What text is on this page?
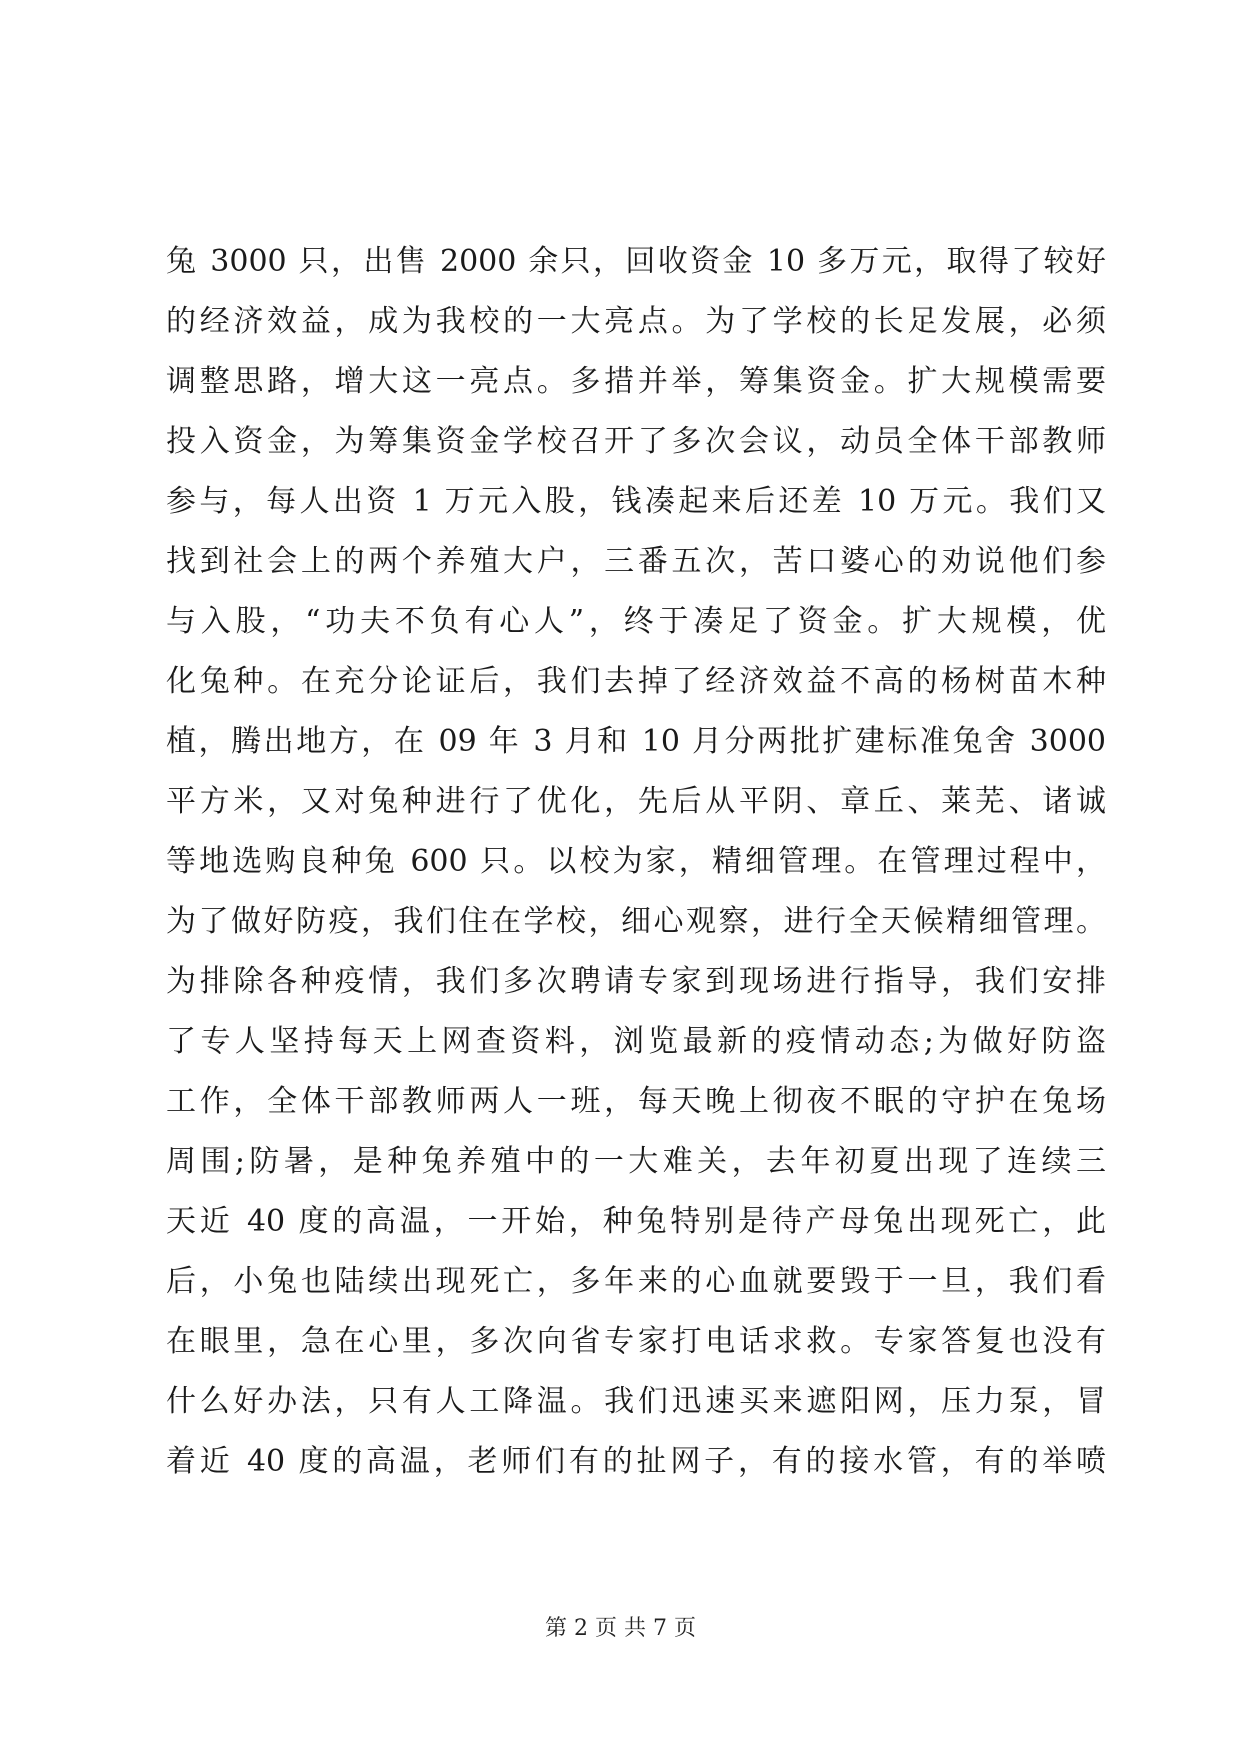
兔 3000 只，出售 2000 余只，回收资金 10 多万元，取得了较好
的经济效益，成为我校的一大亮点。为了学校的长足发展，必须
调整思路，增大这一亮点。多措并举，筹集资金。扩大规模需要
投入资金，为筹集资金学校召开了多次会议，动员全体干部教师
参与，每人出资 1 万元入股，钱凑起来后还差 10 万元。我们又
找到社会上的两个养殖大户，三番五次，苦口婆心的劝说他们参
与入股，“功夫不负有心人”，终于凑足了资金。扩大规模，优
化兔种。在充分论证后，我们去掉了经济效益不高的杨树苗木种
植，腾出地方，在 09 年 3 月和 10 月分两批扩建标准兔舍 3000
平方米，又对兔种进行了优化，先后从平阴、章丘、莱芜、诸诚
等地选购良种兔 600 只。以校为家，精细管理。在管理过程中，
为了做好防疫，我们住在学校，细心观察，进行全天候精细管理。
为排除各种疫情，我们多次聘请专家到现场进行指导，我们安排
了专人坚持每天上网查资料，浏览最新的疫情动态;为做好防盗
工作，全体干部教师两人一班，每天晚上彻夜不眠的守护在兔场
周围;防暑，是种兔养殖中的一大难关，去年初夏出现了连续三
天近 40 度的高温，一开始，种兔特别是待产母兔出现死亡，此
后，小兔也陆续出现死亡，多年来的心血就要毁于一旦，我们看
在眼里，急在心里，多次向省专家打电话求救。专家答复也没有
什么好办法，只有人工降温。我们迅速买来遮阳网，压力泵，冒
着近 40 度的高温，老师们有的扯网子，有的接水管，有的举喷
第 2 页 共 7 页
